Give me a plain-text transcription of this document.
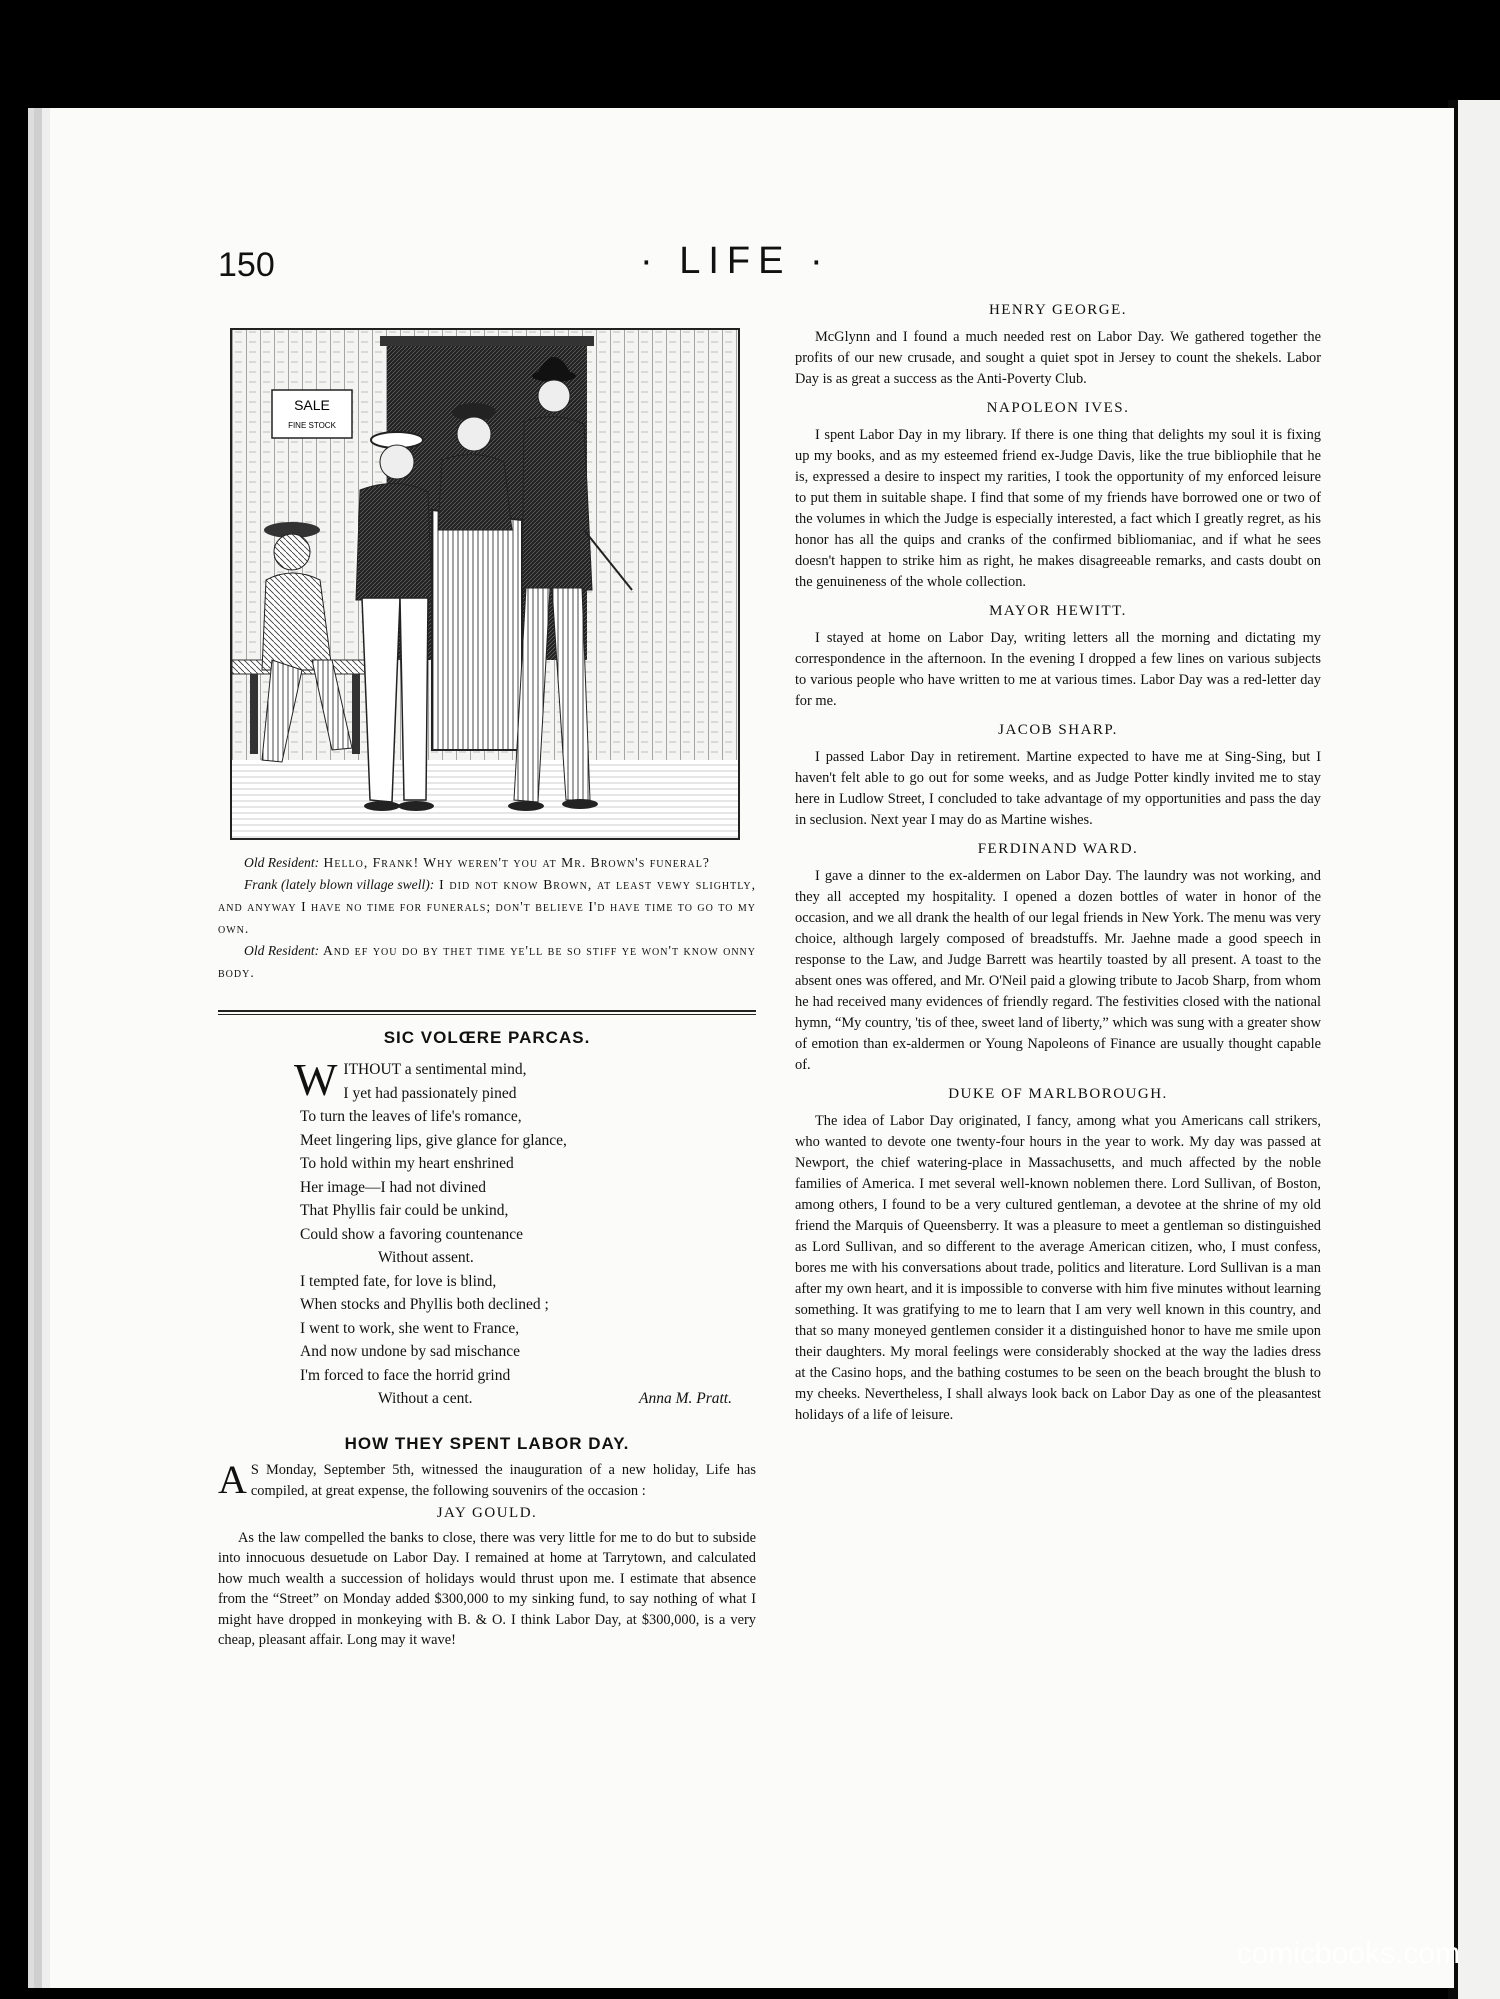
150	· LIFE ·
SALE
FINE STOCK

Old Resident: Hello, Frank! Why weren't you at Mr. Brown's funeral?

Frank (lately blown village swell): I did not know Brown, at least vewy slightly, and anyway I have no time for funerals; don't believe I'd have time to go to my own.

Old Resident: And ef you do by thet time ye'll be so stiff ye won't know onny body.

SIC VOLŒRE PARCAS.
W ITHOUT a sentimental mind,
I yet had passionately pined
To turn the leaves of life's romance,
Meet lingering lips, give glance for glance,
To hold within my heart enshrined
Her image—I had not divined
That Phyllis fair could be unkind,
Could show a favoring countenance
Without assent.
I tempted fate, for love is blind,
When stocks and Phyllis both declined ;
I went to work, she went to France,
And now undone by sad mischance
I'm forced to face the horrid grind
Without a cent.	Anna M. Pratt.
HOW THEY SPENT LABOR DAY.

A S Monday, September 5th, witnessed the inauguration of a new holiday, Life has compiled, at great expense, the following souvenirs of the occasion :

JAY GOULD.

As the law compelled the banks to close, there was very little for me to do but to subside into innocuous desuetude on Labor Day. I remained at home at Tarrytown, and calculated how much wealth a succession of holidays would thrust upon me. I estimate that absence from the “Street” on Monday added $300,000 to my sinking fund, to say nothing of what I might have dropped in monkeying with B. & O. I think Labor Day, at $300,000, is a very cheap, pleasant affair. Long may it wave!

HENRY GEORGE.

McGlynn and I found a much needed rest on Labor Day. We gathered together the profits of our new crusade, and sought a quiet spot in Jersey to count the shekels. Labor Day is as great a success as the Anti-Poverty Club.

NAPOLEON IVES.

I spent Labor Day in my library. If there is one thing that delights my soul it is fixing up my books, and as my esteemed friend ex-Judge Davis, like the true bibliophile that he is, expressed a desire to inspect my rarities, I took the opportunity of my enforced leisure to put them in suitable shape. I find that some of my friends have borrowed one or two of the volumes in which the Judge is especially interested, a fact which I greatly regret, as his honor has all the quips and cranks of the confirmed bibliomaniac, and if what he sees doesn't happen to strike him as right, he makes disagreeable remarks, and casts doubt on the genuineness of the whole collection.

MAYOR HEWITT.

I stayed at home on Labor Day, writing letters all the morning and dictating my correspondence in the afternoon. In the evening I dropped a few lines on various subjects to various people who have written to me at various times. Labor Day was a red-letter day for me.

JACOB SHARP.

I passed Labor Day in retirement. Martine expected to have me at Sing-Sing, but I haven't felt able to go out for some weeks, and as Judge Potter kindly invited me to stay here in Ludlow Street, I concluded to take advantage of my opportunities and pass the day in seclusion. Next year I may do as Martine wishes.

FERDINAND WARD.

I gave a dinner to the ex-aldermen on Labor Day. The laundry was not working, and they all accepted my hospitality. I opened a dozen bottles of water in honor of the occasion, and we all drank the health of our legal friends in New York. The menu was very choice, although largely composed of breadstuffs. Mr. Jaehne made a good speech in response to the Law, and Judge Barrett was heartily toasted by all present. A toast to the absent ones was offered, and Mr. O'Neil paid a glowing tribute to Jacob Sharp, from whom he had received many evidences of friendly regard. The festivities closed with the national hymn, “My country, 'tis of thee, sweet land of liberty,” which was sung with a greater show of emotion than ex-aldermen or Young Napoleons of Finance are usually thought capable of.

DUKE OF MARLBOROUGH.

The idea of Labor Day originated, I fancy, among what you Americans call strikers, who wanted to devote one twenty-four hours in the year to work. My day was passed at Newport, the chief watering-place in Massachusetts, and much affected by the noble families of America. I met several well-known noblemen there. Lord Sullivan, of Boston, among others, I found to be a very cultured gentleman, a devotee at the shrine of my old friend the Marquis of Queensberry. It was a pleasure to meet a gentleman so distinguished as Lord Sullivan, and so different to the average American citizen, who, I must confess, bores me with his conversations about trade, politics and literature. Lord Sullivan is a man after my own heart, and it is impossible to converse with him five minutes without learning something. It was gratifying to me to learn that I am very well known in this country, and that so many moneyed gentlemen consider it a distinguished honor to have me smile upon their daughters. My moral feelings were considerably shocked at the way the ladies dress at the Casino hops, and the bathing costumes to be seen on the beach brought the blush to my cheeks. Nevertheless, I shall always look back on Labor Day as one of the pleasantest holidays of a life of leisure.

comicbooks.com
